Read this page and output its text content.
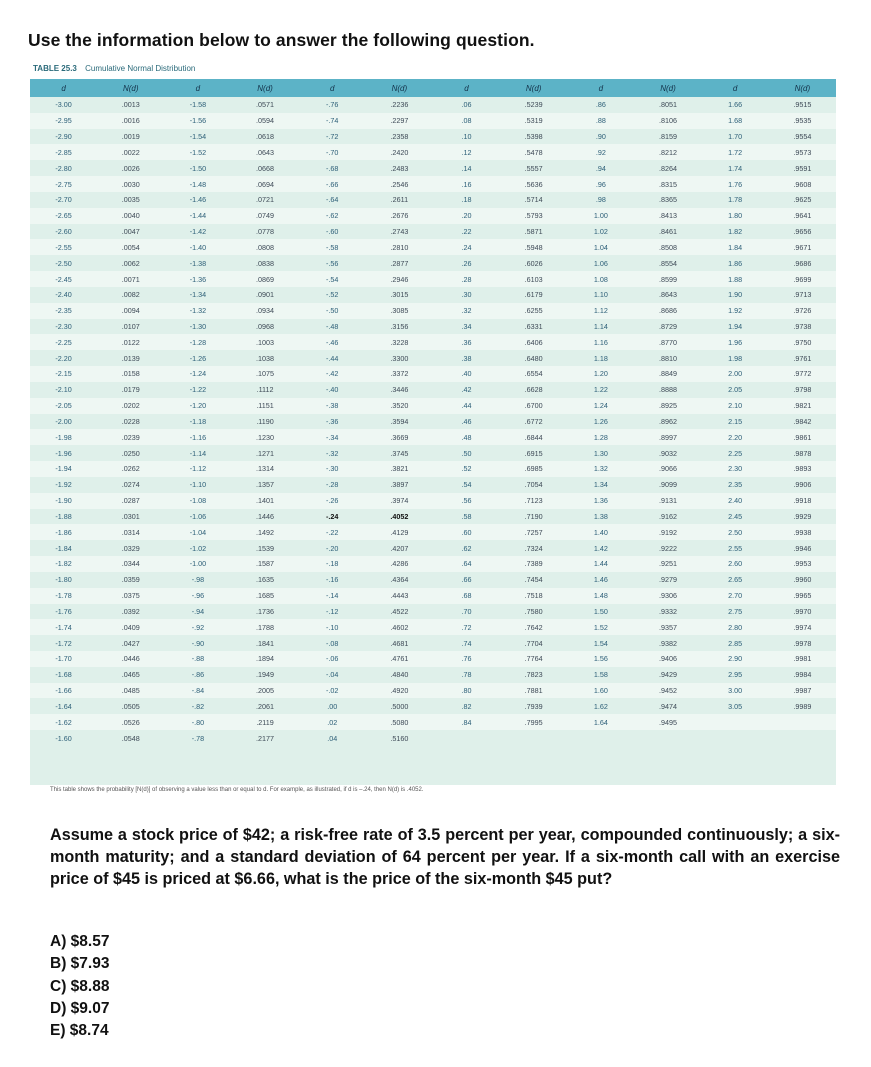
Use the information below to answer the following question.
TABLE 25.3 Cumulative Normal Distribution
d	N(d)	d	N(d)	d	N(d)	d	N(d)	d	N(d)	d	N(d)
-3.00	.0013	-1.58	.0571	-.76	.2236	.06	.5239	.86	.8051	1.66	.9515
-2.95	.0016	-1.56	.0594	-.74	.2297	.08	.5319	.88	.8106	1.68	.9535
-2.90	.0019	-1.54	.0618	-.72	.2358	.10	.5398	.90	.8159	1.70	.9554
-2.85	.0022	-1.52	.0643	-.70	.2420	.12	.5478	.92	.8212	1.72	.9573
-2.80	.0026	-1.50	.0668	-.68	.2483	.14	.5557	.94	.8264	1.74	.9591
-2.75	.0030	-1.48	.0694	-.66	.2546	.16	.5636	.96	.8315	1.76	.9608
-2.70	.0035	-1.46	.0721	-.64	.2611	.18	.5714	.98	.8365	1.78	.9625
-2.65	.0040	-1.44	.0749	-.62	.2676	.20	.5793	1.00	.8413	1.80	.9641
-2.60	.0047	-1.42	.0778	-.60	.2743	.22	.5871	1.02	.8461	1.82	.9656
-2.55	.0054	-1.40	.0808	-.58	.2810	.24	.5948	1.04	.8508	1.84	.9671
-2.50	.0062	-1.38	.0838	-.56	.2877	.26	.6026	1.06	.8554	1.86	.9686
-2.45	.0071	-1.36	.0869	-.54	.2946	.28	.6103	1.08	.8599	1.88	.9699
-2.40	.0082	-1.34	.0901	-.52	.3015	.30	.6179	1.10	.8643	1.90	.9713
-2.35	.0094	-1.32	.0934	-.50	.3085	.32	.6255	1.12	.8686	1.92	.9726
-2.30	.0107	-1.30	.0968	-.48	.3156	.34	.6331	1.14	.8729	1.94	.9738
-2.25	.0122	-1.28	.1003	-.46	.3228	.36	.6406	1.16	.8770	1.96	.9750
-2.20	.0139	-1.26	.1038	-.44	.3300	.38	.6480	1.18	.8810	1.98	.9761
-2.15	.0158	-1.24	.1075	-.42	.3372	.40	.6554	1.20	.8849	2.00	.9772
-2.10	.0179	-1.22	.1112	-.40	.3446	.42	.6628	1.22	.8888	2.05	.9798
-2.05	.0202	-1.20	.1151	-.38	.3520	.44	.6700	1.24	.8925	2.10	.9821
-2.00	.0228	-1.18	.1190	-.36	.3594	.46	.6772	1.26	.8962	2.15	.9842
-1.98	.0239	-1.16	.1230	-.34	.3669	.48	.6844	1.28	.8997	2.20	.9861
-1.96	.0250	-1.14	.1271	-.32	.3745	.50	.6915	1.30	.9032	2.25	.9878
-1.94	.0262	-1.12	.1314	-.30	.3821	.52	.6985	1.32	.9066	2.30	.9893
-1.92	.0274	-1.10	.1357	-.28	.3897	.54	.7054	1.34	.9099	2.35	.9906
-1.90	.0287	-1.08	.1401	-.26	.3974	.56	.7123	1.36	.9131	2.40	.9918
-1.88	.0301	-1.06	.1446	-.24	.4052	.58	.7190	1.38	.9162	2.45	.9929
-1.86	.0314	-1.04	.1492	-.22	.4129	.60	.7257	1.40	.9192	2.50	.9938
-1.84	.0329	-1.02	.1539	-.20	.4207	.62	.7324	1.42	.9222	2.55	.9946
-1.82	.0344	-1.00	.1587	-.18	.4286	.64	.7389	1.44	.9251	2.60	.9953
-1.80	.0359	-.98	.1635	-.16	.4364	.66	.7454	1.46	.9279	2.65	.9960
-1.78	.0375	-.96	.1685	-.14	.4443	.68	.7518	1.48	.9306	2.70	.9965
-1.76	.0392	-.94	.1736	-.12	.4522	.70	.7580	1.50	.9332	2.75	.9970
-1.74	.0409	-.92	.1788	-.10	.4602	.72	.7642	1.52	.9357	2.80	.9974
-1.72	.0427	-.90	.1841	-.08	.4681	.74	.7704	1.54	.9382	2.85	.9978
-1.70	.0446	-.88	.1894	-.06	.4761	.76	.7764	1.56	.9406	2.90	.9981
-1.68	.0465	-.86	.1949	-.04	.4840	.78	.7823	1.58	.9429	2.95	.9984
-1.66	.0485	-.84	.2005	-.02	.4920	.80	.7881	1.60	.9452	3.00	.9987
-1.64	.0505	-.82	.2061	.00	.5000	.82	.7939	1.62	.9474	3.05	.9989
-1.62	.0526	-.80	.2119	.02	.5080	.84	.7995	1.64	.9495		
-1.60	.0548	-.78	.2177	.04	.5160						
This table shows the probability [N(d)] of observing a value less than or equal to d. For example, as illustrated, if d is –.24, then N(d) is .4052.
Assume a stock price of $42; a risk-free rate of 3.5 percent per year, compounded continuously; a six-month maturity; and a standard deviation of 64 percent per year. If a six-month call with an exercise price of $45 is priced at $6.66, what is the price of the six-month $45 put?
A) $8.57
B) $7.93
C) $8.88
D) $9.07
E) $8.74
